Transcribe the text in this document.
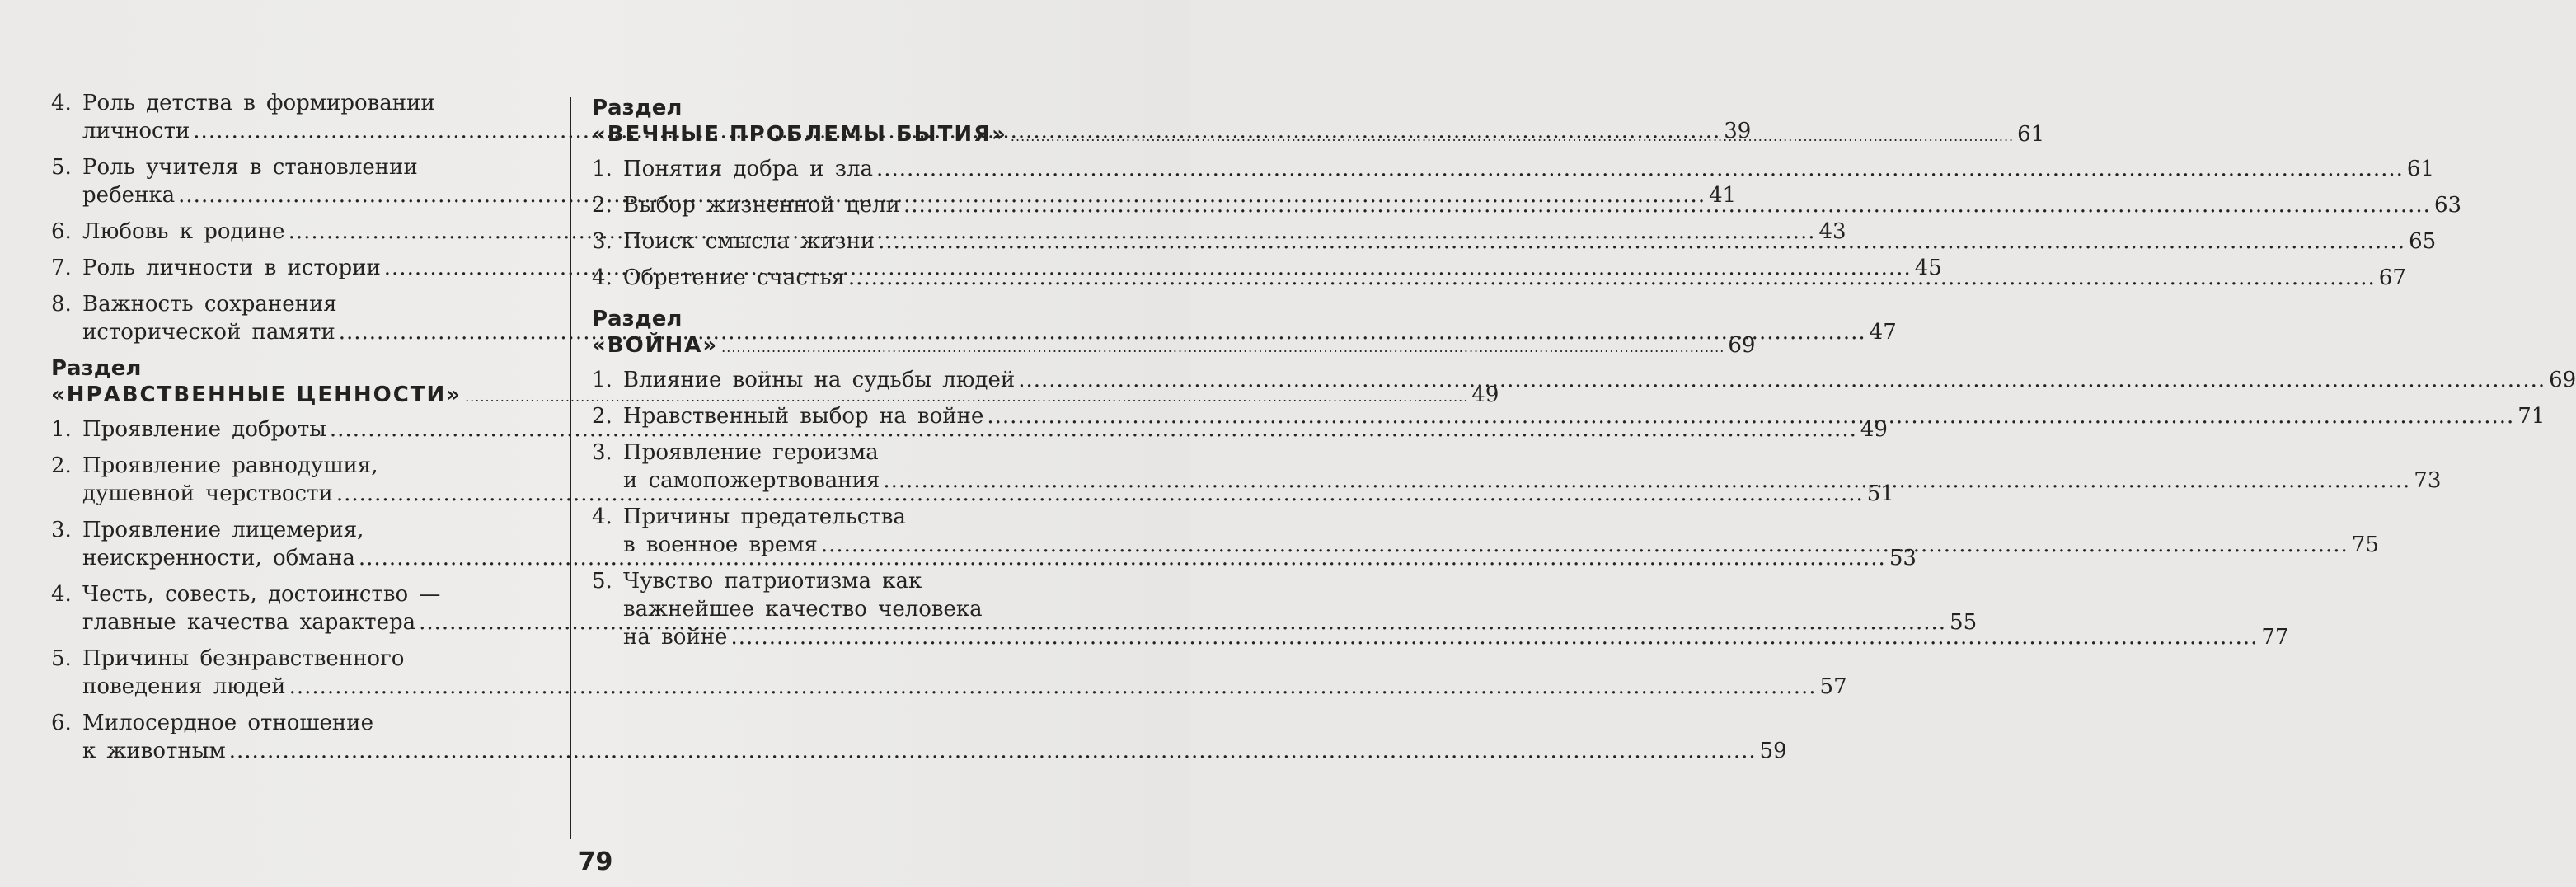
4. Роль детства в формировании
личности .....	39
5. Роль учителя в становлении
ребенка .....	41
6. Любовь к родине .....	43
7. Роль личности в истории .....	45
8. Важность сохранения
исторической памяти .....	47
Раздел
«НРАВСТВЕННЫЕ ЦЕННОСТИ» .....	49
1. Проявление доброты .....	49
2. Проявление равнодушия,
душевной черствости .....	51
3. Проявление лицемерия,
неискренности, обмана .....	53
4. Честь, совесть, достоинство —
главные качества характера .....	55
5. Причины безнравственного
поведения людей .....	57
6. Милосердное отношение
к животным .....	59
Раздел
«ВЕЧНЫЕ ПРОБЛЕМЫ БЫТИЯ» .....	61
1. Понятия добра и зла .....	61
2. Выбор жизненной цели .....	63
3. Поиск смысла жизни .....	65
4. Обретение счастья .....	67
Раздел
«ВОЙНА» .....	69
1. Влияние войны на судьбы людей .....	69
2. Нравственный выбор на войне .....	71
3. Проявление героизма
и самопожертвования .....	73
4. Причины предательства
в военное время .....	75
5. Чувство патриотизма как
важнейшее качество человека
на войне .....	77
79
